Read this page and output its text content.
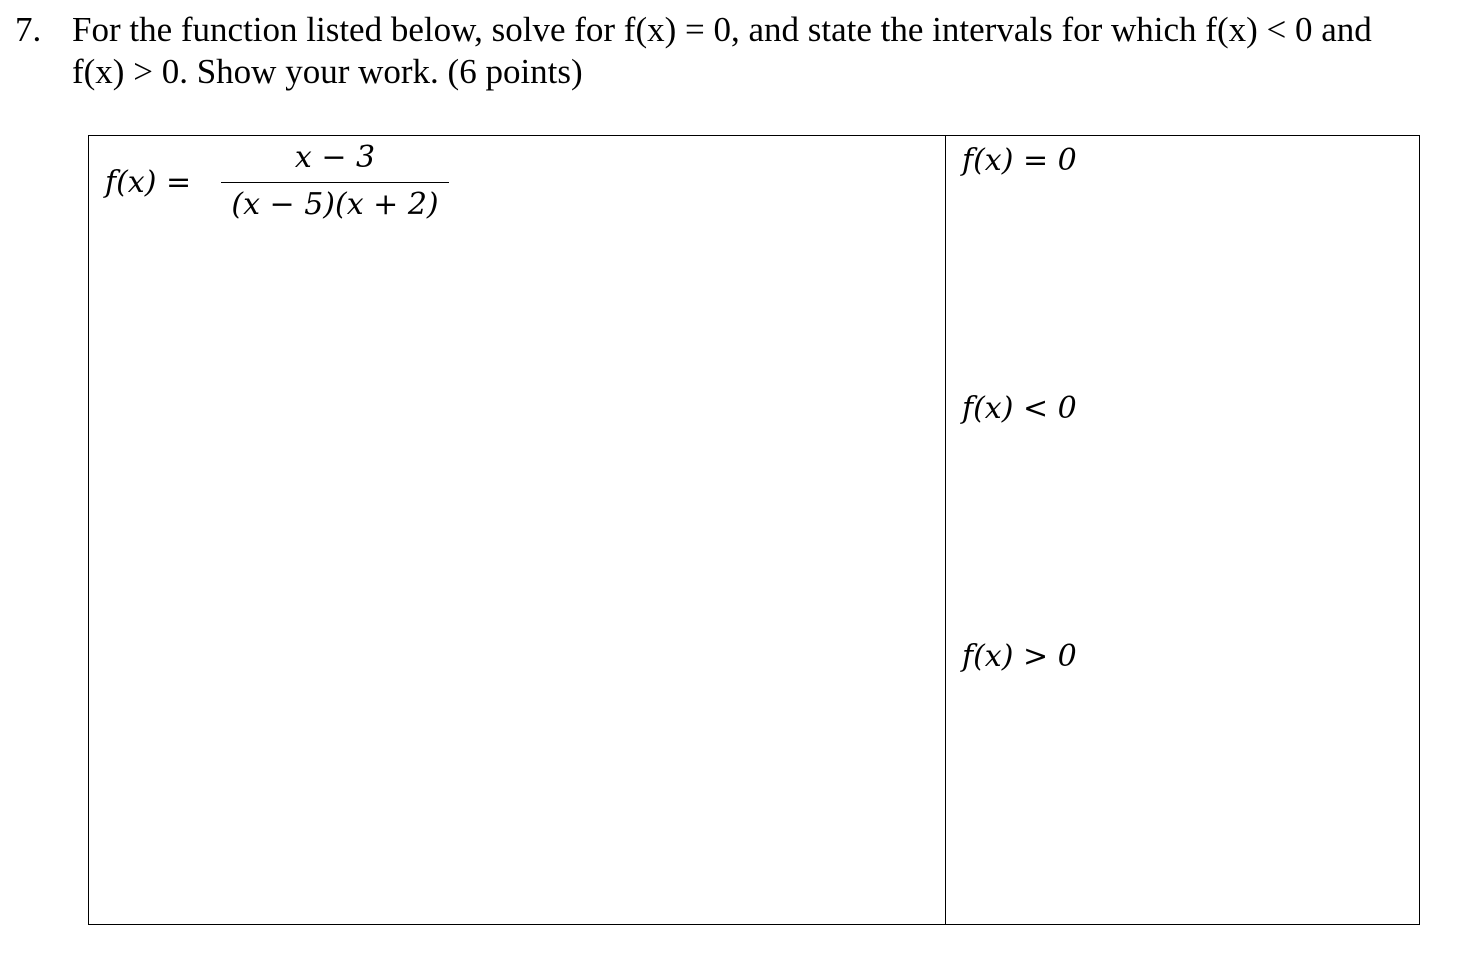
7. For the function listed below, solve for f(x) = 0, and state the intervals for which f(x) < 0 and
f(x) > 0. Show your work. (6 points)
f(x) =
x − 3
(x − 5)(x + 2)
f(x) = 0
f(x) < 0
f(x) > 0
